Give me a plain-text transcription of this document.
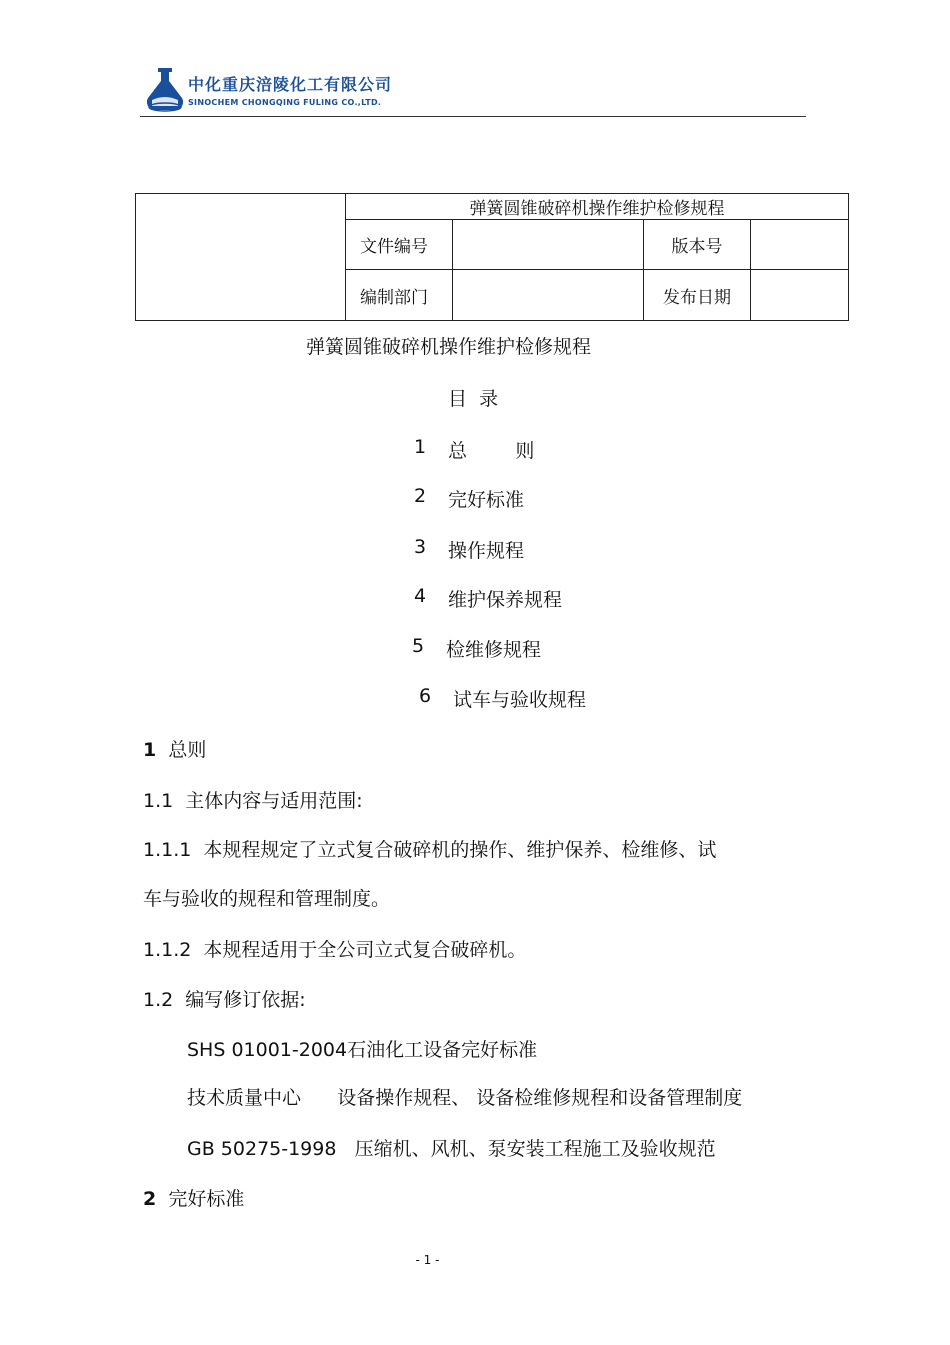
中化重庆涪陵化工有限公司
SINOCHEM CHONGQING FULING CO.,LTD.
	弹簧圆锥破碎机操作维护检修规程			
	文件编号		版本号	
	编制部门		发布日期	
弹簧圆锥破碎机操作维护检修规程
目  录
1 总        则
2 完好标准
3 操作规程
4 维护保养规程
5 检维修规程
6 试车与验收规程
1 总则
1.1  主体内容与适用范围:
1.1.1  本规程规定了立式复合破碎机的操作、维护保养、检维修、试
车与验收的规程和管理制度。
1.1.2  本规程适用于全公司立式复合破碎机。
1.2  编写修订依据:
SHS 01001-2004石油化工设备完好标准
技术质量中心      设备操作规程、 设备检维修规程和设备管理制度
GB 50275-1998   压缩机、风机、泵安装工程施工及验收规范
2 完好标准
- 1 -
